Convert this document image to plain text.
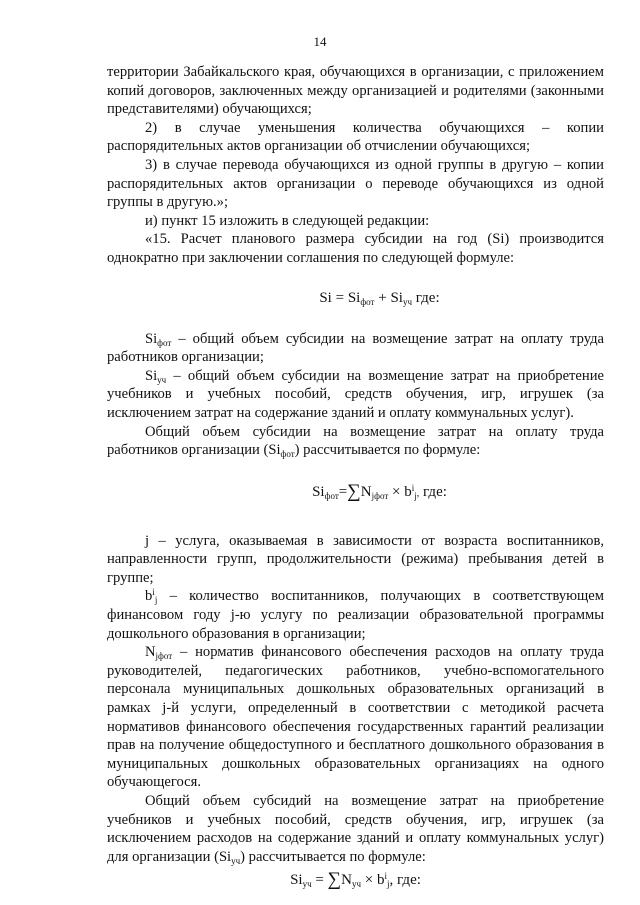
14

территории Забайкальского края, обучающихся в организации, с приложением копий договоров, заключенных между организацией и родителями (законными представителями) обучающихся;

2) в случае уменьшения количества обучающихся – копии распорядительных актов организации об отчислении обучающихся;

3) в случае перевода обучающихся из одной группы в другую – копии распорядительных актов организации о переводе обучающихся из одной группы в другую.»;

и) пункт 15 изложить в следующей редакции:

«15. Расчет планового размера субсидии на год (Si) производится однократно при заключении соглашения по следующей формуле:

$Si = Si_{фот} + Si_{уч}$ где:

$Si_{фот}$ – общий объем субсидии на возмещение затрат на оплату труда работников организации;

$Si_{уч}$ – общий объем субсидии на возмещение затрат на приобретение учебников и учебных пособий, средств обучения, игр, игрушек (за исключением затрат на содержание зданий и оплату коммунальных услуг).

Общий объем субсидии на возмещение затрат на оплату труда работников организации $(Si_{фот})$ рассчитывается по формуле:

$Si_{фот}=\sum N_{jфот} \times b^i_j$, где:

j – услуга, оказываемая в зависимости от возраста воспитанников, направленности групп, продолжительности (режима) пребывания детей в группе;

$b^i_j$ – количество воспитанников, получающих в соответствующем финансовом году j-ю услугу по реализации образовательной программы дошкольного образования в организации;

$N_{jфот}$ – норматив финансового обеспечения расходов на оплату труда руководителей, педагогических работников, учебно-вспомогательного персонала муниципальных дошкольных образовательных организаций в рамках j-й услуги, определенный в соответствии с методикой расчета нормативов финансового обеспечения государственных гарантий реализации прав на получение общедоступного и бесплатного дошкольного образования в муниципальных дошкольных образовательных организациях на одного обучающегося.

Общий объем субсидий на возмещение затрат на приобретение учебников и учебных пособий, средств обучения, игр, игрушек (за исключением расходов на содержание зданий и оплату коммунальных услуг) для организации $(Si_{уч})$ рассчитывается по формуле:

$Si_{уч} = \sum N_{уч} \times b^i_j$, где:
